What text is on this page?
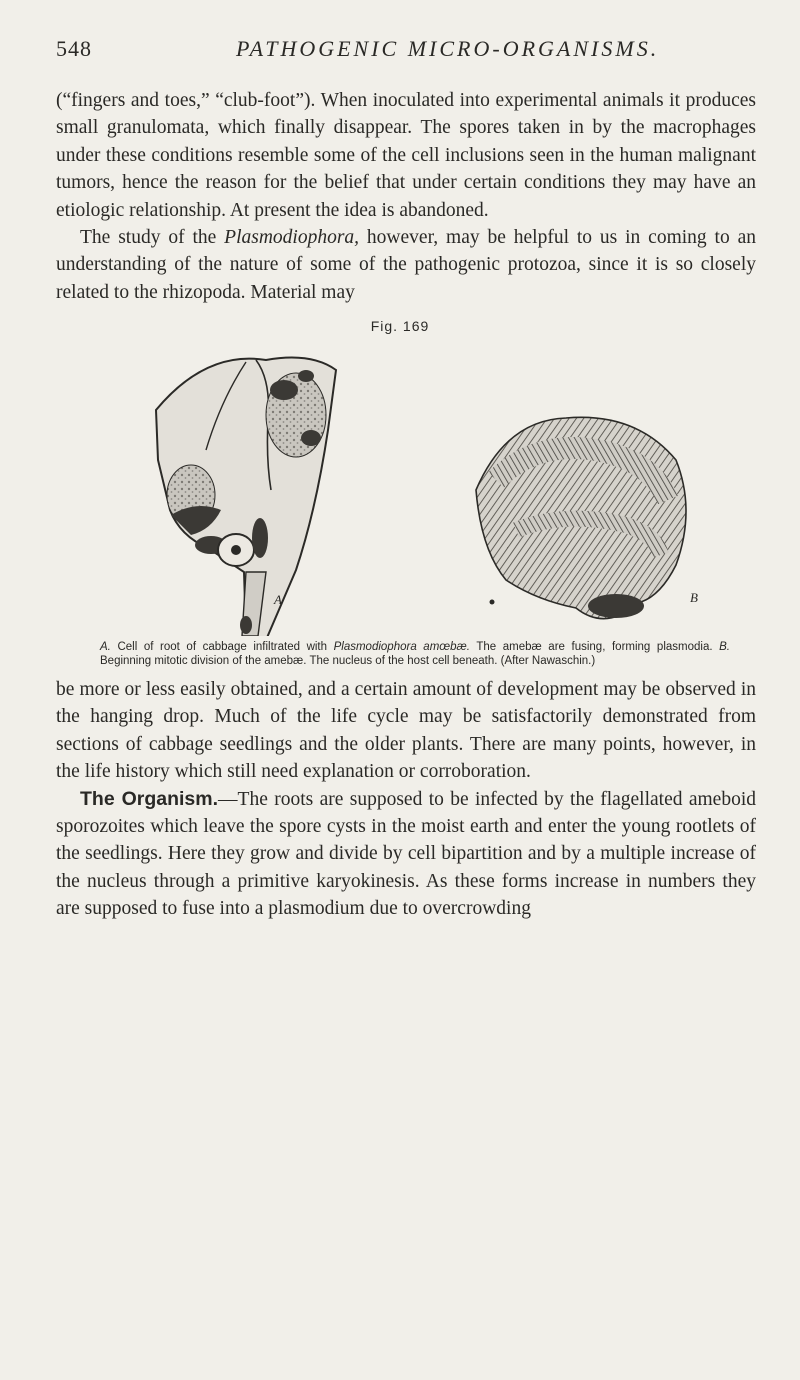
548	PATHOGENIC MICRO-ORGANISMS.

(“fingers and toes,” “club-foot”). When inoculated into experimental animals it produces small granulomata, which finally disappear. The spores taken in by the macrophages under these conditions resemble some of the cell inclusions seen in the human malignant tumors, hence the reason for the belief that under certain conditions they may have an etiologic relationship. At present the idea is abandoned.

The study of the Plasmodiophora, however, may be helpful to us in coming to an understanding of the nature of some of the pathogenic protozoa, since it is so closely related to the rhizopoda. Material may

Fig. 169
A	B
A. Cell of root of cabbage infiltrated with Plasmodiophora amœbæ. The amebæ are fusing, forming plasmodia. B. Beginning mitotic division of the amebæ. The nucleus of the host cell beneath. (After Nawaschin.)

be more or less easily obtained, and a certain amount of development may be observed in the hanging drop. Much of the life cycle may be satisfactorily demonstrated from sections of cabbage seedlings and the older plants. There are many points, however, in the life history which still need explanation or corroboration.

The Organism.—The roots are supposed to be infected by the flagellated ameboid sporozoites which leave the spore cysts in the moist earth and enter the young rootlets of the seedlings. Here they grow and divide by cell bipartition and by a multiple increase of the nucleus through a primitive karyokinesis. As these forms increase in numbers they are supposed to fuse into a plasmodium due to overcrowding
